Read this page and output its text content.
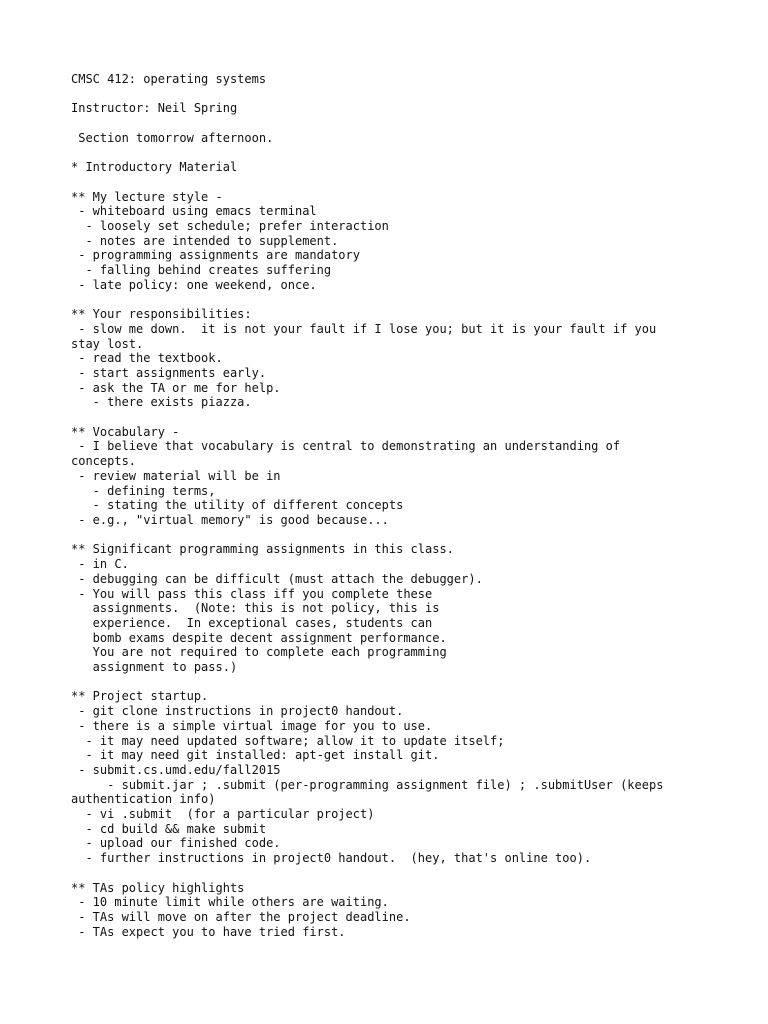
CMSC 412: operating systems
Instructor: Neil Spring
Section tomorrow afternoon.
* Introductory Material
** My lecture style -
- whiteboard using emacs terminal
- loosely set schedule; prefer interaction
- notes are intended to supplement.
- programming assignments are mandatory
- falling behind creates suffering
- late policy: one weekend, once.
** Your responsibilities:
- slow me down.  it is not your fault if I lose you; but it is your fault if you
stay lost.
- read the textbook.
- start assignments early.
- ask the TA or me for help.
- there exists piazza.
** Vocabulary -
- I believe that vocabulary is central to demonstrating an understanding of
concepts.
- review material will be in
- defining terms,
- stating the utility of different concepts
- e.g., "virtual memory" is good because...
** Significant programming assignments in this class.
- in C.
- debugging can be difficult (must attach the debugger).
- You will pass this class iff you complete these
assignments.  (Note: this is not policy, this is
experience.  In exceptional cases, students can
bomb exams despite decent assignment performance.
You are not required to complete each programming
assignment to pass.)
** Project startup.
- git clone instructions in project0 handout.
- there is a simple virtual image for you to use.
- it may need updated software; allow it to update itself;
- it may need git installed: apt-get install git.
- submit.cs.umd.edu/fall2015
- submit.jar ; .submit (per-programming assignment file) ; .submitUser (keeps
authentication info)
- vi .submit  (for a particular project)
- cd build && make submit
- upload our finished code.
- further instructions in project0 handout.  (hey, that's online too).
** TAs policy highlights
- 10 minute limit while others are waiting.
- TAs will move on after the project deadline.
- TAs expect you to have tried first.
